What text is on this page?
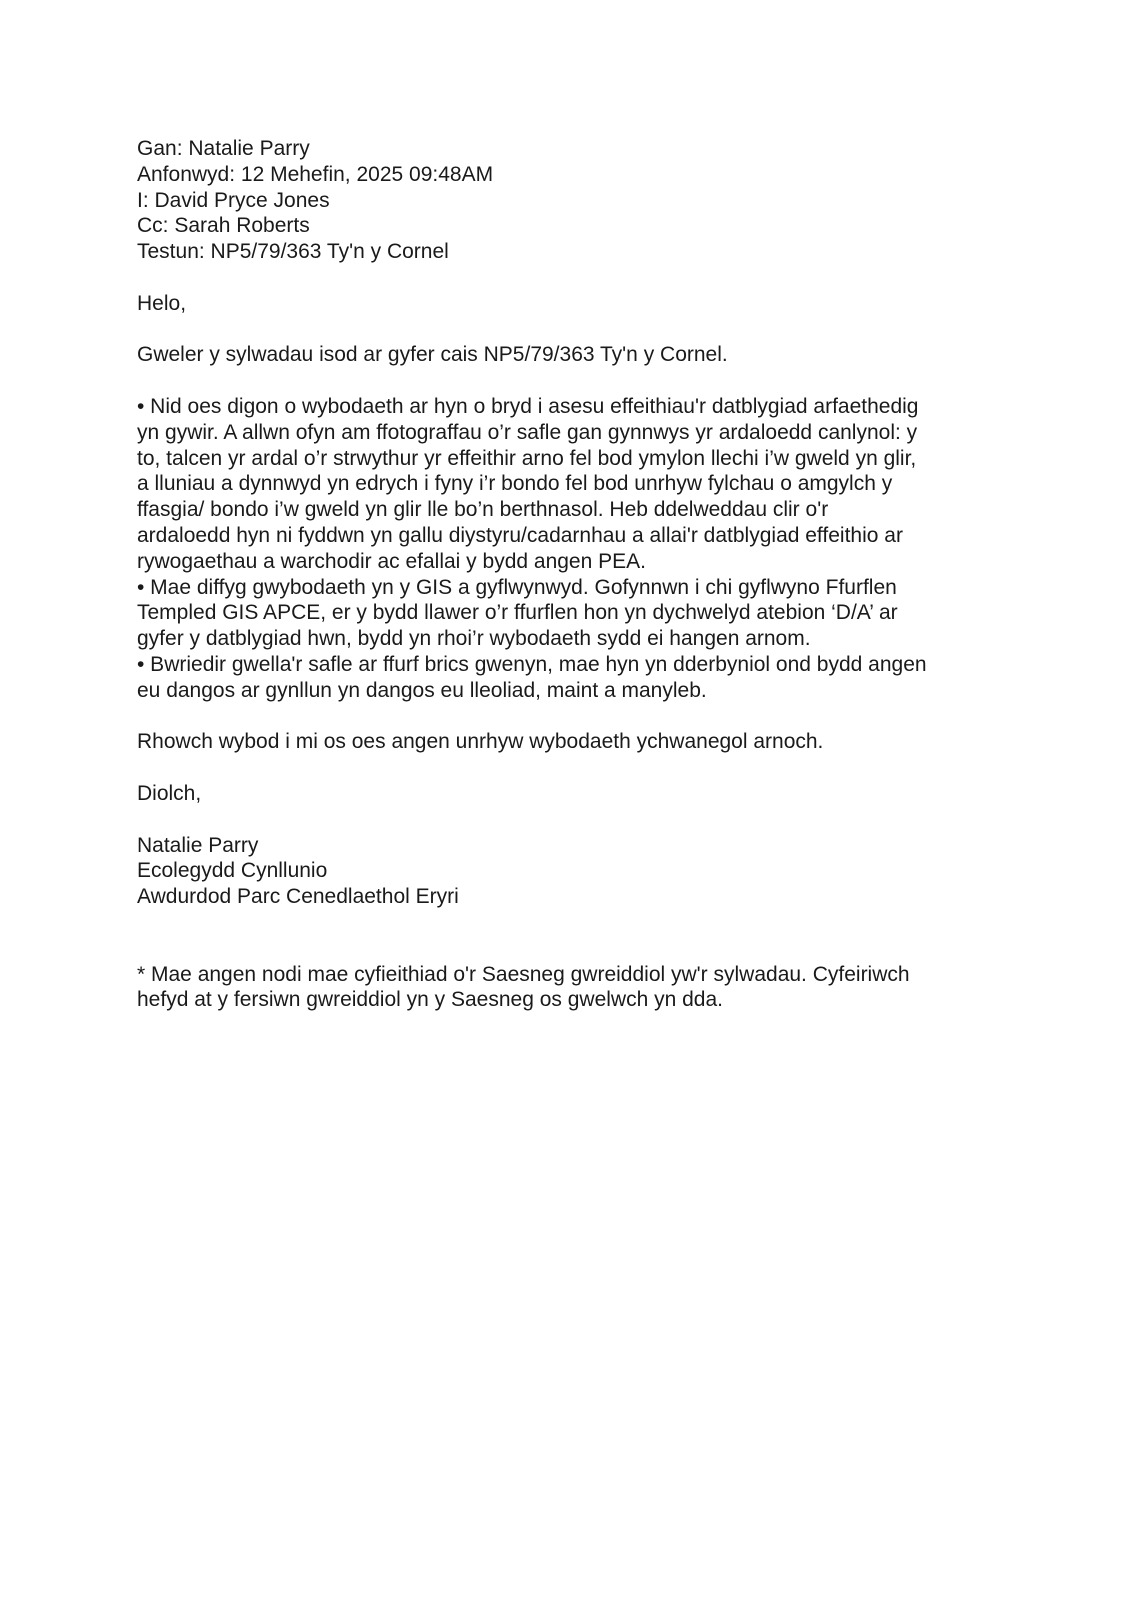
Gan: Natalie Parry
Anfonwyd: 12 Mehefin, 2025 09:48AM
I: David Pryce Jones
Cc: Sarah Roberts
Testun: NP5/79/363 Ty'n y Cornel
Helo,
Gweler y sylwadau isod ar gyfer cais NP5/79/363 Ty'n y Cornel.
• Nid oes digon o wybodaeth ar hyn o bryd i asesu effeithiau'r datblygiad arfaethedig
yn gywir. A allwn ofyn am ffotograffau o’r safle gan gynnwys yr ardaloedd canlynol: y
to, talcen yr ardal o’r strwythur yr effeithir arno fel bod ymylon llechi i’w gweld yn glir,
a lluniau a dynnwyd yn edrych i fyny i’r bondo fel bod unrhyw fylchau o amgylch y
ffasgia/ bondo i’w gweld yn glir lle bo’n berthnasol. Heb ddelweddau clir o'r
ardaloedd hyn ni fyddwn yn gallu diystyru/cadarnhau a allai'r datblygiad effeithio ar
rywogaethau a warchodir ac efallai y bydd angen PEA.
• Mae diffyg gwybodaeth yn y GIS a gyflwynwyd. Gofynnwn i chi gyflwyno Ffurflen
Templed GIS APCE, er y bydd llawer o’r ffurflen hon yn dychwelyd atebion ‘D/A’ ar
gyfer y datblygiad hwn, bydd yn rhoi’r wybodaeth sydd ei hangen arnom.
• Bwriedir gwella'r safle ar ffurf brics gwenyn, mae hyn yn dderbyniol ond bydd angen
eu dangos ar gynllun yn dangos eu lleoliad, maint a manyleb.
Rhowch wybod i mi os oes angen unrhyw wybodaeth ychwanegol arnoch.
Diolch,
Natalie Parry
Ecolegydd Cynllunio
Awdurdod Parc Cenedlaethol Eryri
* Mae angen nodi mae cyfieithiad o'r Saesneg gwreiddiol yw'r sylwadau. Cyfeiriwch
hefyd at y fersiwn gwreiddiol yn y Saesneg os gwelwch yn dda.
